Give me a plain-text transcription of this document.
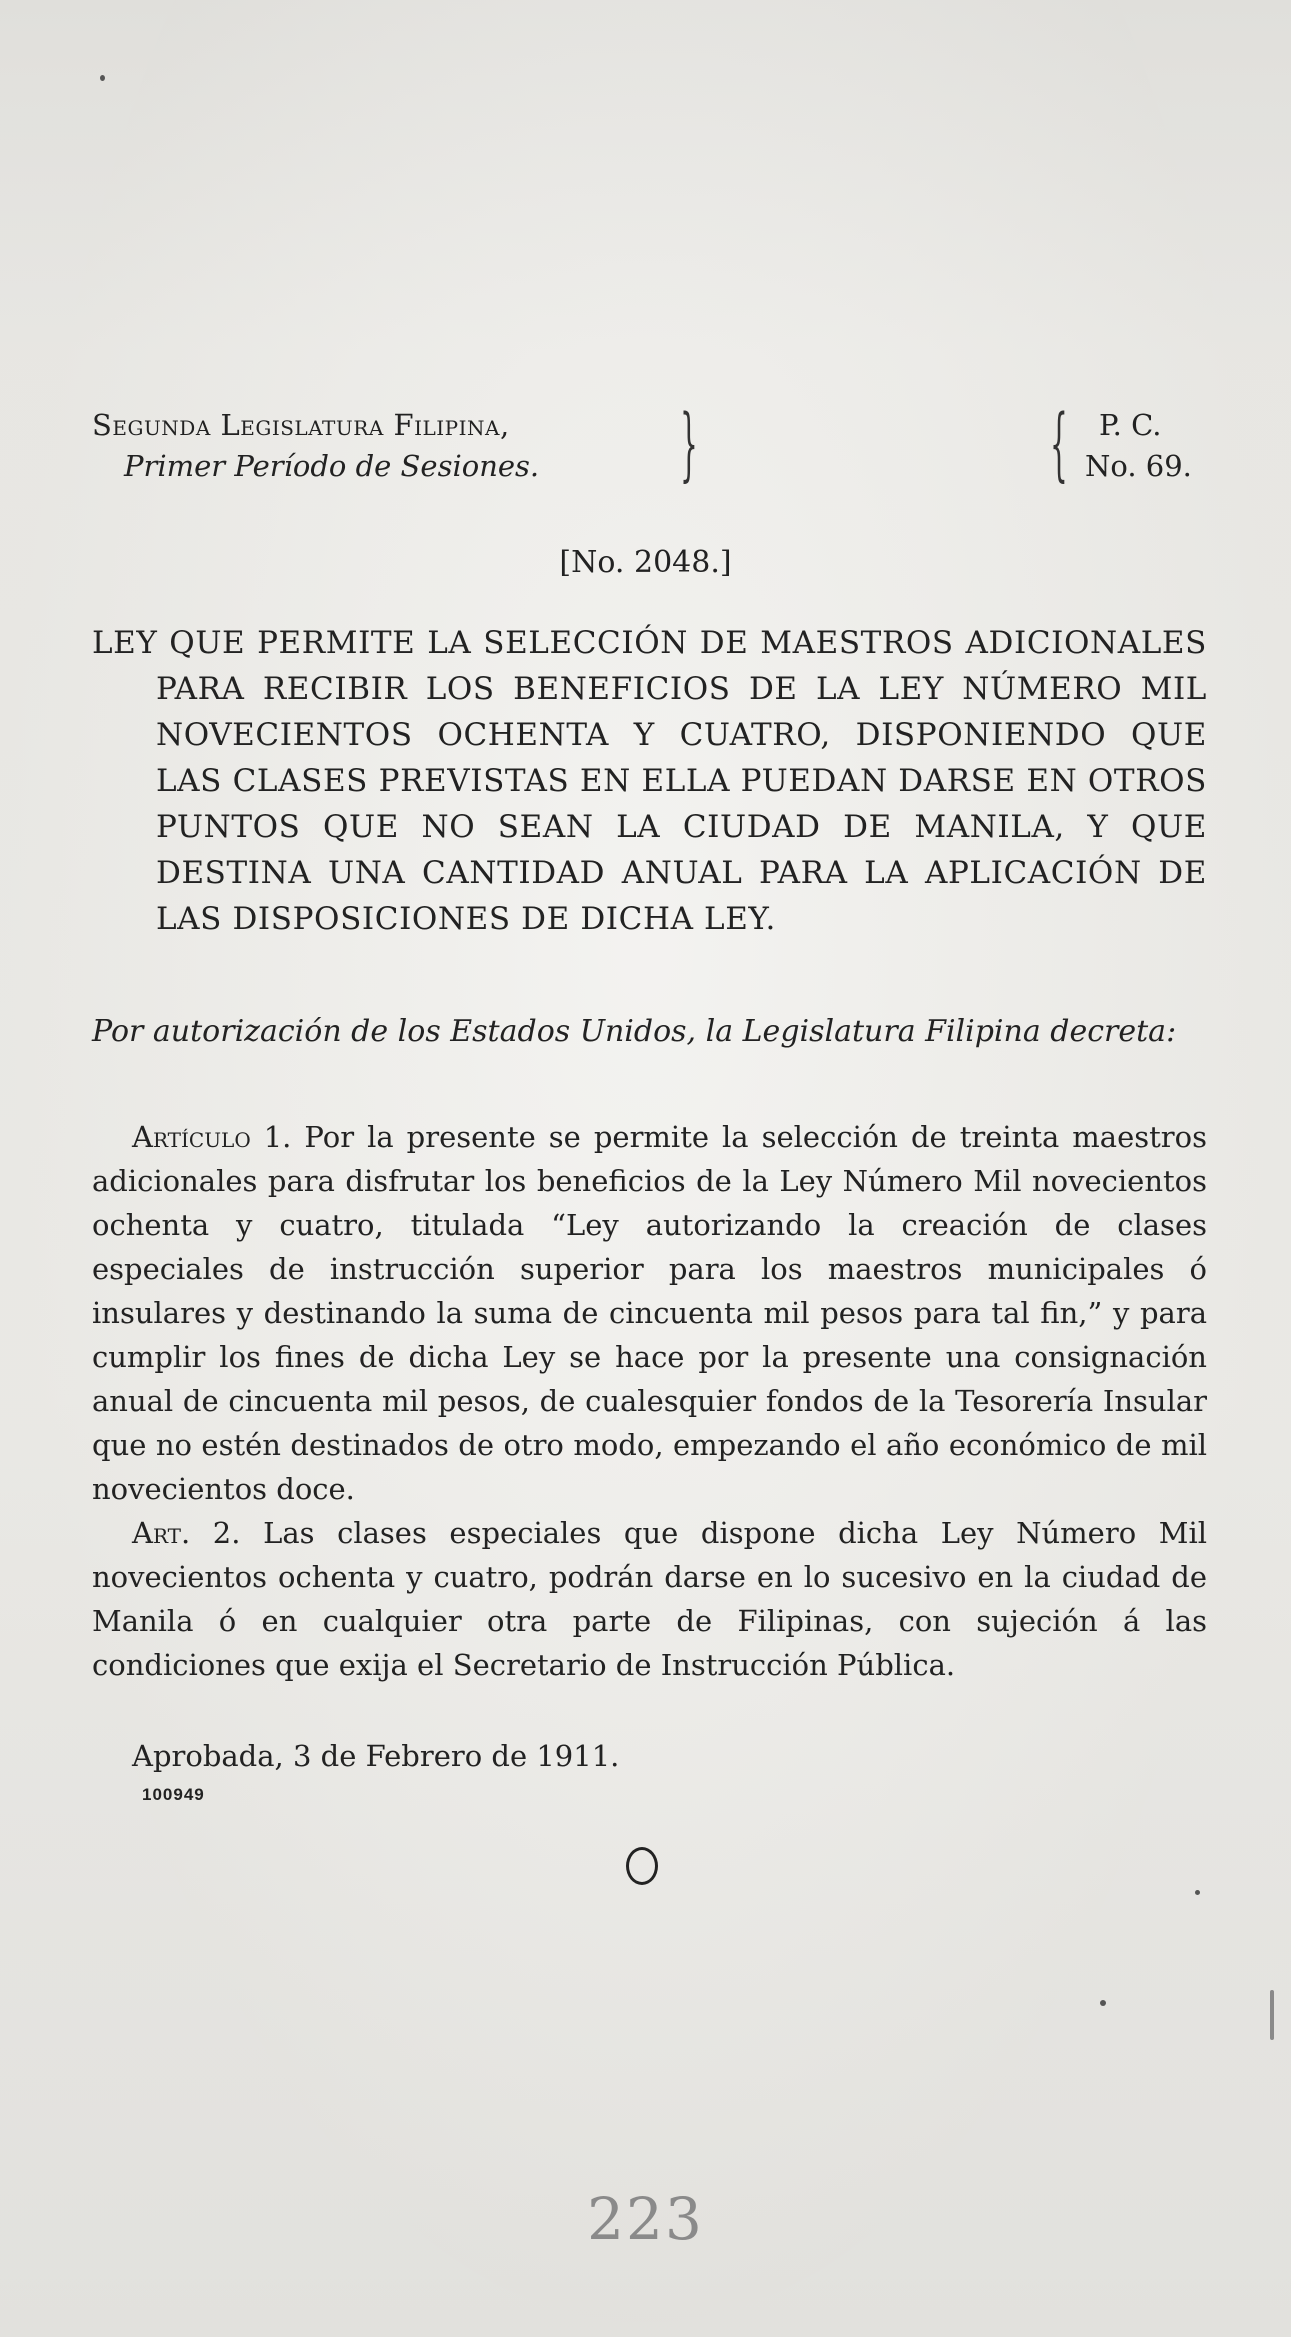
Segunda Legislatura Filipina,
Primer Período de Sesiones.	}	{	P. C.
No. 69.
[No. 2048.]
LEY QUE PERMITE LA SELECCIÓN DE MAESTROS ADICIONALES PARA RECIBIR LOS BENEFICIOS DE LA LEY NÚMERO MIL NOVECIENTOS OCHENTA Y CUATRO, DISPONIENDO QUE LAS CLASES PREVISTAS EN ELLA PUEDAN DARSE EN OTROS PUNTOS QUE NO SEAN LA CIUDAD DE MANILA, Y QUE DESTINA UNA CANTIDAD ANUAL PARA LA APLICACIÓN DE LAS DISPOSICIONES DE DICHA LEY.
Por autorización de los Estados Unidos, la Legislatura Filipina decreta:

Artículo 1. Por la presente se permite la selección de treinta maestros adicionales para disfrutar los beneficios de la Ley Número Mil novecientos ochenta y cuatro, titulada “Ley autorizando la creación de clases especiales de instrucción superior para los maestros municipales ó insulares y destinando la suma de cincuenta mil pesos para tal fin,” y para cumplir los fines de dicha Ley se hace por la presente una consignación anual de cincuenta mil pesos, de cualesquier fondos de la Tesorería Insular que no estén destinados de otro modo, empezando el año económico de mil novecientos doce.

Art. 2. Las clases especiales que dispone dicha Ley Número Mil novecientos ochenta y cuatro, podrán darse en lo sucesivo en la ciudad de Manila ó en cualquier otra parte de Filipinas, con sujeción á las condiciones que exija el Secretario de Instrucción Pública.

Aprobada, 3 de Febrero de 1911.
100949
223
